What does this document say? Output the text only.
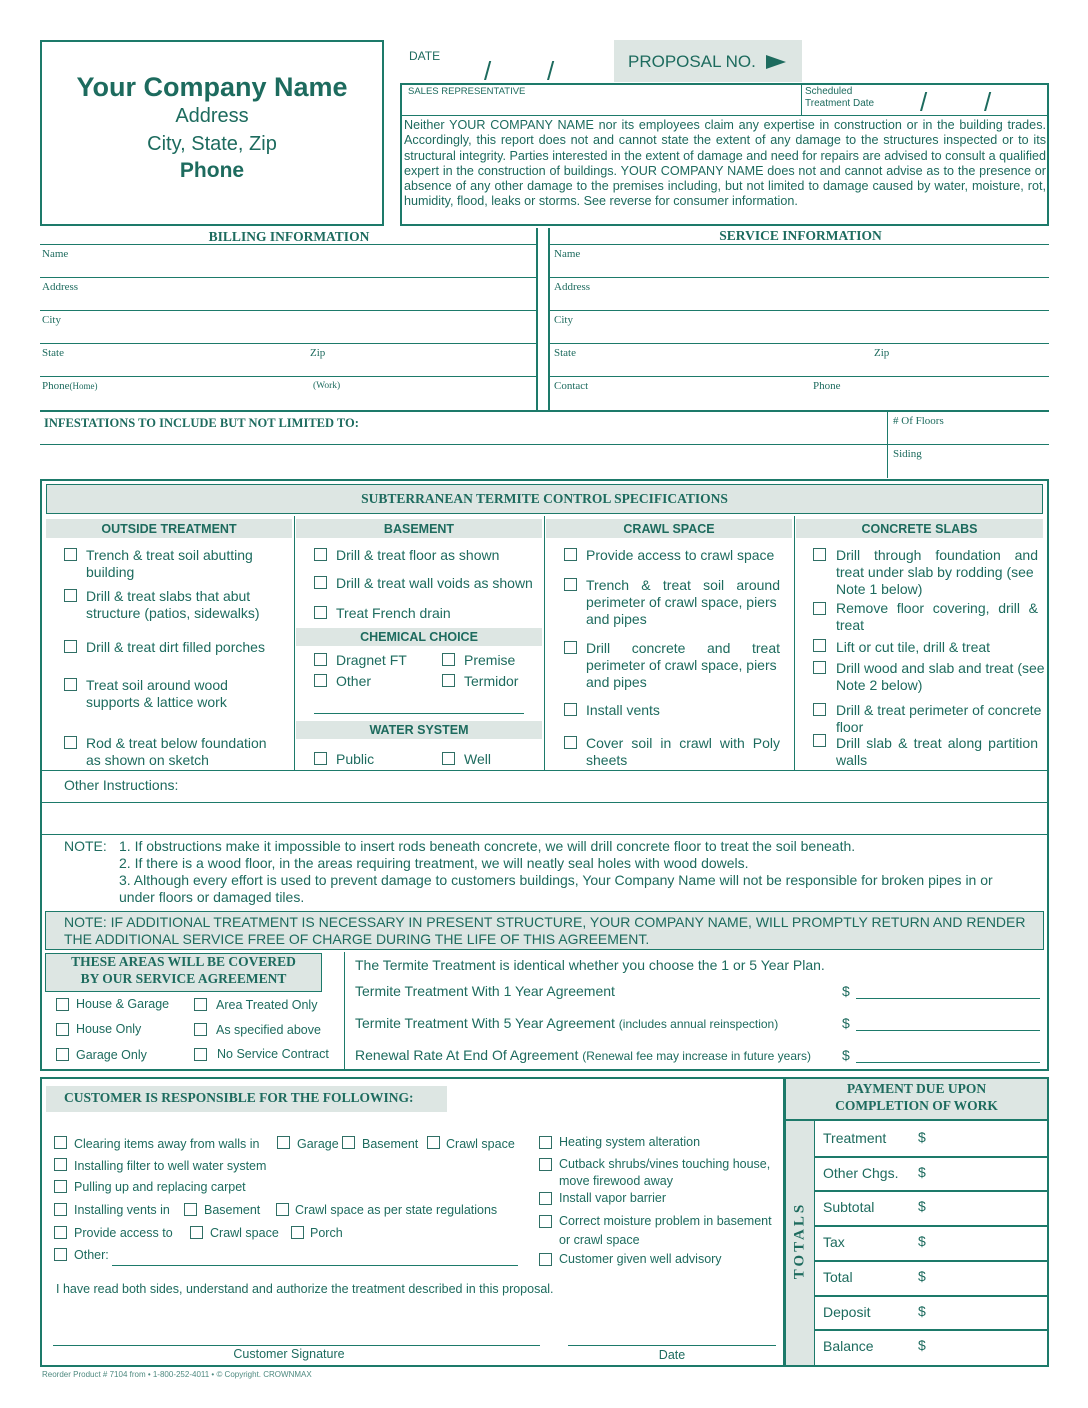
Your Company Name
Address
City, State, Zip
Phone
DATE / /	PROPOSAL NO.
SALES REPRESENTATIVE	Scheduled
Treatment Date / /
Neither YOUR COMPANY NAME nor its employees claim any expertise in construction or in the building trades. Accordingly, this report does not and cannot state the extent of any damage to the structures inspected or to its structural integrity. Parties interested in the extent of damage and need for repairs are advised to consult a qualified expert in the construction of buildings. YOUR COMPANY NAME does not and cannot advise as to the presence or absence of any other damage to the premises including, but not limited to damage caused by water, moisture, rot, humidity, flood, leaks or storms. See reverse for consumer information.
BILLING INFORMATION	SERVICE INFORMATION
Name
Address
City
State	Zip
Phone(Home)	(Work)
Name
Address
City
State	Zip
Contact	Phone
INFESTATIONS TO INCLUDE BUT NOT LIMITED TO:	# Of Floors
Siding
SUBTERRANEAN TERMITE CONTROL SPECIFICATIONS
OUTSIDE TREATMENT	BASEMENT	CRAWL SPACE	CONCRETE SLABS
Trench & treat soil abutting
building
Drill & treat slabs that abut
structure (patios, sidewalks)
Drill & treat dirt filled porches
Treat soil around wood
supports & lattice work
Rod & treat below foundation
as shown on sketch
Drill & treat floor as shown
Drill & treat wall voids as shown
Treat French drain
CHEMICAL CHOICE
Dragnet FT	Premise
Other	Termidor
WATER SYSTEM
Public	Well
Provide access to crawl space
Trench & treat soil around
perimeter of crawl space, piers
and pipes
Drill concrete and treat
perimeter of crawl space, piers
and pipes
Install vents
Cover soil in crawl with Poly
sheets
Drill through foundation and
treat under slab by rodding (see
Note 1 below)
Remove floor covering, drill &
treat
Lift or cut tile, drill & treat
Drill wood and slab and treat (see
Note 2 below)
Drill & treat perimeter of concrete
floor
Drill slab & treat along partition
walls
Other Instructions:
NOTE: 1. If obstructions make it impossible to insert rods beneath concrete, we will drill concrete floor to treat the soil beneath.
2. If there is a wood floor, in the areas requiring treatment, we will neatly seal holes with wood dowels.
3. Although every effort is used to prevent damage to customers buildings, Your Company Name will not be responsible for broken pipes in or
under floors or damaged tiles.
NOTE: IF ADDITIONAL TREATMENT IS NECESSARY IN PRESENT STRUCTURE, YOUR COMPANY NAME, WILL PROMPTLY RETURN AND RENDER THE ADDITIONAL SERVICE FREE OF CHARGE DURING THE LIFE OF THIS AGREEMENT.
THESE AREAS WILL BE COVERED
BY OUR SERVICE AGREEMENT
House & Garage	Area Treated Only
House Only	As specified above
Garage Only	No Service Contract
The Termite Treatment is identical whether you choose the 1 or 5 Year Plan.
Termite Treatment With 1 Year Agreement	$
Termite Treatment With 5 Year Agreement (includes annual reinspection)	$
Renewal Rate At End Of Agreement (Renewal fee may increase in future years) $
CUSTOMER IS RESPONSIBLE FOR THE FOLLOWING:
Clearing items away from walls in	Garage Basement Crawl space
Installing filter to well water system
Pulling up and replacing carpet
Installing vents in	Basement	Crawl space as per state regulations
Provide access to	Crawl space Porch
Other:
Heating system alteration
Cutback shrubs/vines touching house,
move firewood away
Install vapor barrier
Correct moisture problem in basement
or crawl space
Customer given well advisory
I have read both sides, understand and authorize the treatment described in this proposal.
Customer Signature	Date
PAYMENT DUE UPON
COMPLETION OF WORK
TOTALS
Treatment $
Other Chgs. $
Subtotal	$
Tax	$
Total	$
Deposit	$
Balance	$
Reorder Product # 7104 from • 1-800-252-4011 • © Copyright. CROWNMAX
